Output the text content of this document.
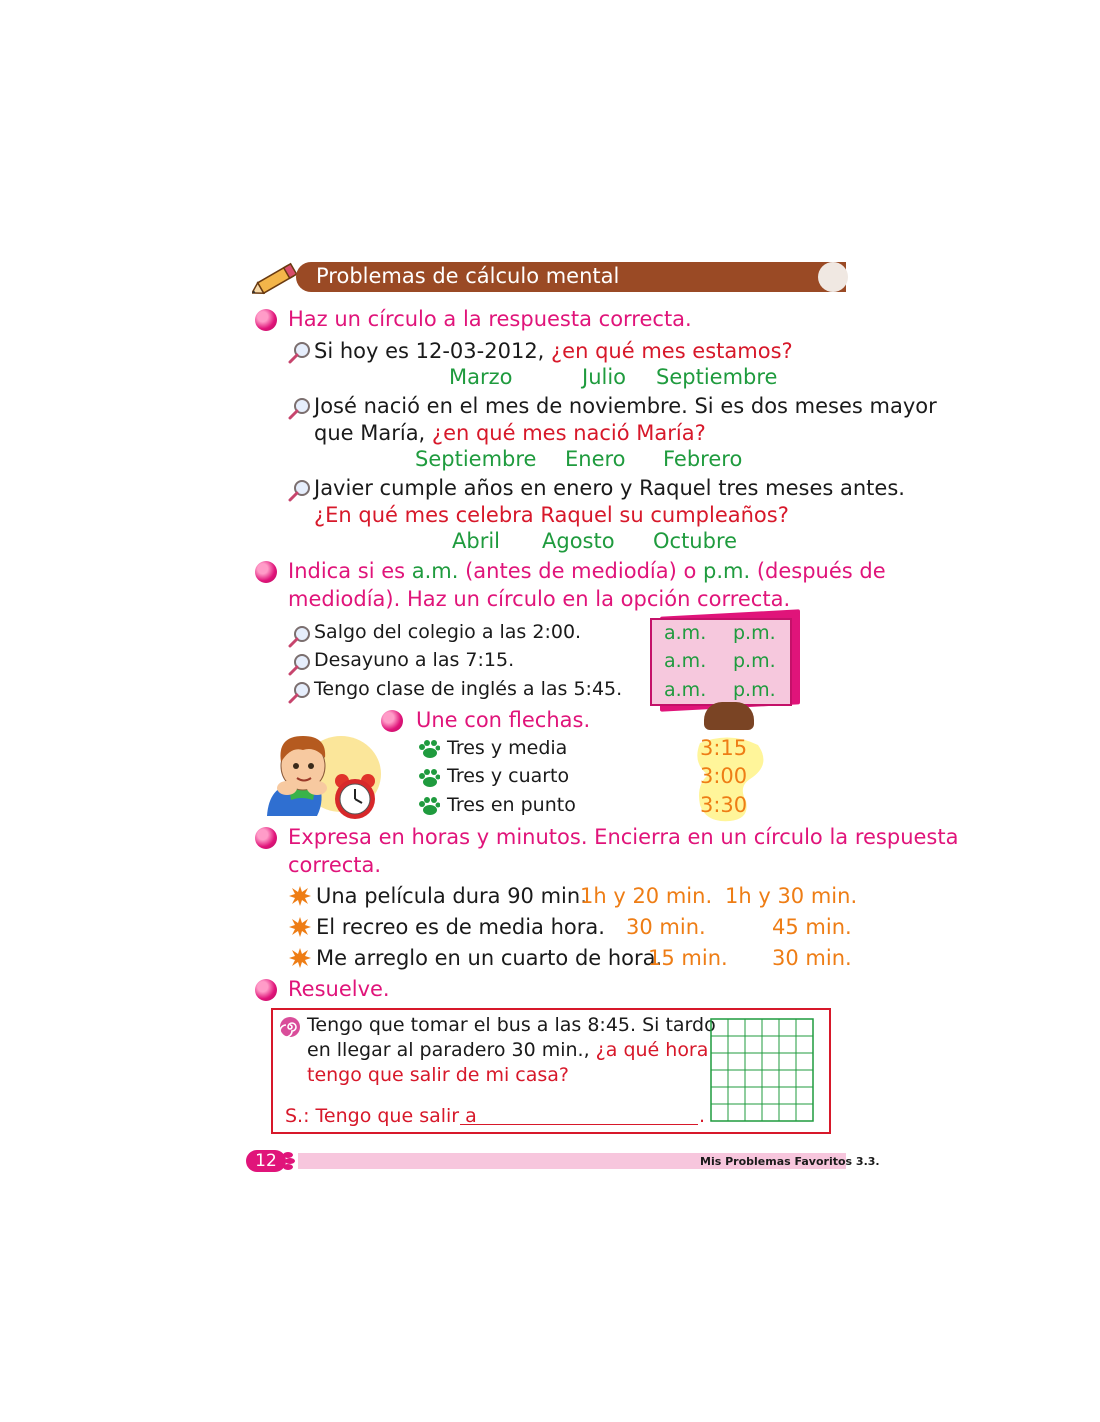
Problemas de cálculo mental
Haz un círculo a la respuesta correcta.
Si hoy es 12-03-2012, ¿en qué mes estamos?
Marzo	Julio Septiembre
José nació en el mes de noviembre. Si es dos meses mayor
que María, ¿en qué mes nació María?
Septiembre Enero Febrero
Javier cumple años en enero y Raquel tres meses antes.
¿En qué mes celebra Raquel su cumpleaños?
Abril Agosto Octubre
Indica si es a.m. (antes de mediodía) o p.m. (después de
mediodía). Haz un círculo en la opción correcta.
Salgo del colegio a las 2:00.
Desayuno a las 7:15.
Tengo clase de inglés a las 5:45.
a.m. p.m.
a.m. p.m.
a.m. p.m.
Une con flechas.
Tres y media
Tres y cuarto
Tres en punto
3:15
3:00
3:30
Expresa en horas y minutos. Encierra en un círculo la respuesta
correcta.
Una película dura 90 min.
1h y 20 min. 1h y 30 min.
El recreo es de media hora. 30 min.	45 min.
Me arreglo en un cuarto de hora.
15 min. 30 min.
Resuelve.
Tengo que tomar el bus a las 8:45. Si tardo
en llegar al paradero 30 min., ¿a qué hora
tengo que salir de mi casa?
S.: Tengo que salir a	.
12	Mis Problemas Favoritos 3.3.
